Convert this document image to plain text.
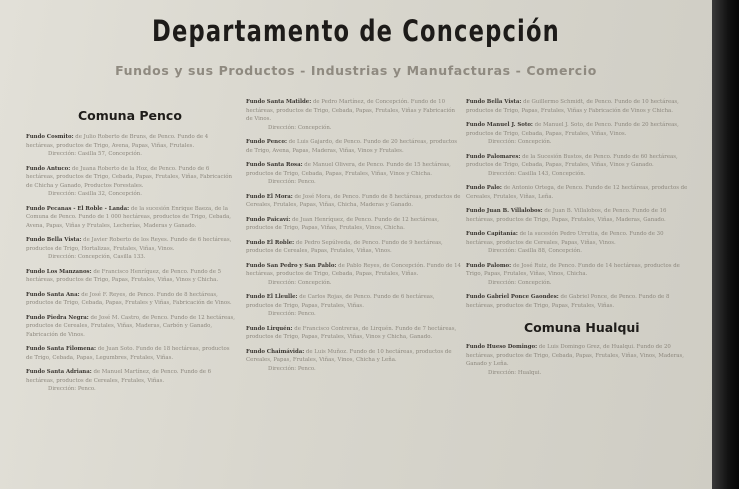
Departamento de Concepción
Fundos y sus Productos - Industrias y Manufacturas - Comercio
Comuna Penco
Fundo Cosmito: de Julio Roberto de Bruns, de Penco. Fundo de 4 hectáreas, productos de Trigo, Avena, Papas, Viñas, Frutales.
Dirección: Casilla 57, Concepción.
Fundo Antuco: de Juana Roberto de la Hoz, de Penco. Fundo de 6 hectáreas, productos de Trigo, Cebada, Papas, Frutales, Viñas, Fabricación de Chicha y Ganado, Productos Forestales.
Dirección: Casilla 32, Concepción.
Fundo Pecanas - El Roble - Landa: de la sucesión Enrique Baeza, de la Comuna de Penco. Fundo de 1 000 hectáreas, productos de Trigo, Cebada, Avena, Papas, Viñas y Frutales, Lecherías, Maderas y Ganado.
Fundo Bella Vista: de Javier Roberto de los Reyes. Fundo de 6 hectáreas, productos de Trigo, Hortalizas, Frutales, Viñas, Vinos.
Dirección: Concepción, Casilla 133.
Fundo Los Manzanos: de Francisco Henríquez, de Penco. Fundo de 5 hectáreas, productos de Trigo, Papas, Frutales, Viñas, Vinos y Chicha.
Fundo Santa Ana: de José F. Reyes, de Penco. Fundo de 8 hectáreas, productos de Trigo, Cebada, Papas, Frutales y Viñas, Fabricación de Vinos.
Fundo Piedra Negra: de José M. Castro, de Penco. Fundo de 12 hectáreas, productos de Cereales, Frutales, Viñas, Maderas, Carbón y Ganado, Fabricación de Vinos.
Fundo Santa Filomena: de Juan Soto. Fundo de 18 hectáreas, productos de Trigo, Cebada, Papas, Legumbres, Frutales, Viñas.
Fundo Santa Adriana: de Manuel Martínez, de Penco. Fundo de 6 hectáreas, productos de Cereales, Frutales, Viñas.
Dirección: Penco.
Fundo Santa Matilde: de Pedro Martínez, de Concepción. Fundo de 10 hectáreas, productos de Trigo, Cebada, Papas, Frutales, Viñas y Fabricación de Vinos.
Dirección: Concepción.
Fundo Penco: de Luis Gajardo, de Penco. Fundo de 20 hectáreas, productos de Trigo, Avena, Papas, Maderas, Viñas, Vinos y Frutales.
Fundo Santa Rosa: de Manuel Olivera, de Penco. Fundo de 15 hectáreas, productos de Trigo, Cebada, Papas, Frutales, Viñas, Vinos y Chicha.
Dirección: Penco.
Fundo El Mora: de José Mora, de Penco. Fundo de 8 hectáreas, productos de Cereales, Frutales, Papas, Viñas, Chicha, Maderas y Ganado.
Fundo Paicaví: de Juan Henríquez, de Penco. Fundo de 12 hectáreas, productos de Trigo, Papas, Viñas, Frutales, Vinos, Chicha.
Fundo El Roble: de Pedro Sepúlveda, de Penco. Fundo de 9 hectáreas, productos de Cereales, Papas, Frutales, Viñas, Vinos.
Fundo San Pedro y San Pablo: de Pablo Reyes, de Concepción. Fundo de 14 hectáreas, productos de Trigo, Cebada, Papas, Frutales, Viñas.
Dirección: Concepción.
Fundo El Lleulle: de Carlos Rojas, de Penco. Fundo de 6 hectáreas, productos de Trigo, Papas, Frutales, Viñas.
Dirección: Penco.
Fundo Lirquén: de Francisco Contreras, de Lirquén. Fundo de 7 hectáreas, productos de Trigo, Papas, Frutales, Viñas, Vinos y Chicha, Ganado.
Fundo Chaimávida: de Luis Muñoz. Fundo de 10 hectáreas, productos de Cereales, Papas, Frutales, Viñas, Vinos, Chicha y Leña.
Dirección: Penco.
Fundo Bella Vista: de Guillermo Schmidt, de Penco. Fundo de 10 hectáreas, productos de Trigo, Papas, Frutales, Viñas y Fabricación de Vinos y Chicha.
Fundo Manuel J. Soto: de Manuel J. Soto, de Penco. Fundo de 20 hectáreas, productos de Trigo, Cebada, Papas, Frutales, Viñas, Vinos.
Dirección: Concepción.
Fundo Palomares: de la Sucesión Bustos, de Penco. Fundo de 60 hectáreas, productos de Trigo, Cebada, Papas, Frutales, Viñas, Vinos y Ganado.
Dirección: Casilla 143, Concepción.
Fundo Palo: de Antonio Ortega, de Penco. Fundo de 12 hectáreas, productos de Cereales, Frutales, Viñas, Leña.
Fundo Juan B. Villalobos: de Juan B. Villalobos, de Penco. Fundo de 16 hectáreas, productos de Trigo, Papas, Frutales, Viñas, Maderas, Ganado.
Fundo Capitanía: de la sucesión Pedro Urrutia, de Penco. Fundo de 30 hectáreas, productos de Cereales, Papas, Viñas, Vinos.
Dirección: Casilla 88, Concepción.
Fundo Palomo: de José Ruiz, de Penco. Fundo de 14 hectáreas, productos de Trigo, Papas, Frutales, Viñas, Vinos, Chicha.
Dirección: Concepción.
Fundo Gabriel Ponce Gaondes: de Gabriel Ponce, de Penco. Fundo de 8 hectáreas, productos de Trigo, Papas, Frutales, Viñas.
Comuna Hualqui
Fundo Hueso Domingo: de Luis Domingo Grez, de Hualqui. Fundo de 20 hectáreas, productos de Trigo, Cebada, Papas, Frutales, Viñas, Vinos, Maderas, Ganado y Leña.
Dirección: Hualqui.
